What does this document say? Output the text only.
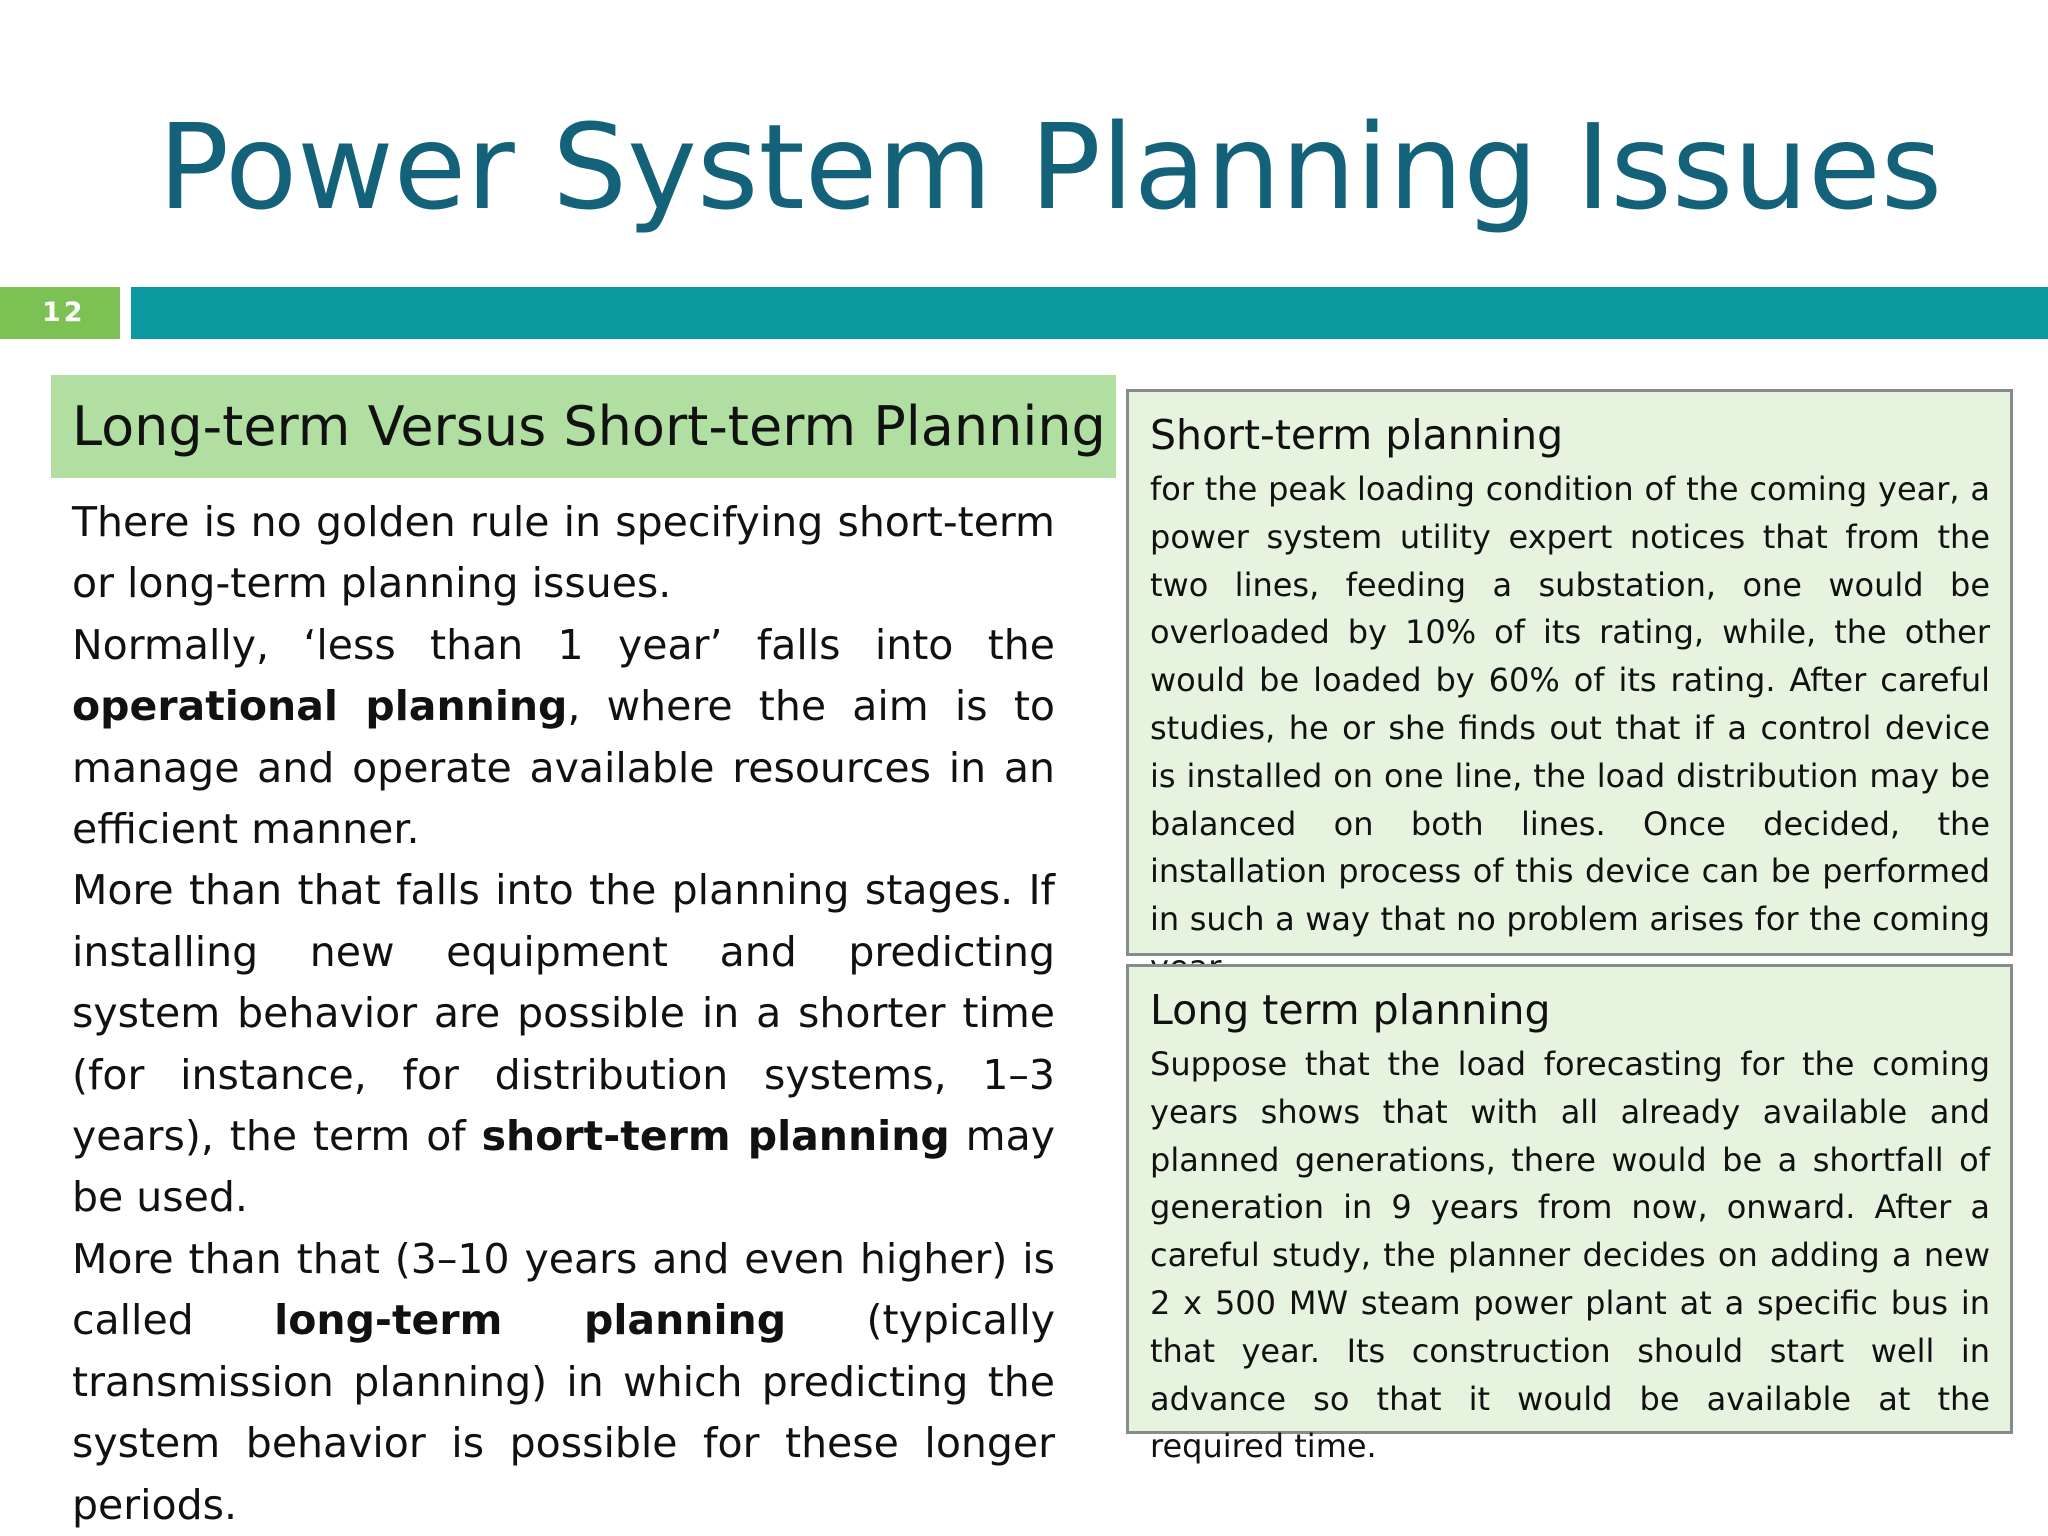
Power System Planning Issues
12
Long-term Versus Short-term Planning

There is no golden rule in specifying short-term or long-term planning issues.

Normally, ‘less than 1 year’ falls into the operational planning, where the aim is to manage and operate available resources in an efficient manner.

More than that falls into the planning stages. If installing new equipment and predicting system behavior are possible in a shorter time (for instance, for distribution systems, 1–3 years), the term of short-term planning may be used.

More than that (3–10 years and even higher) is called long-term planning (typically transmission planning) in which predicting the system behavior is possible for these longer periods.

Short-term planning

for the peak loading condition of the coming year, a power system utility expert notices that from the two lines, feeding a substation, one would be overloaded by 10% of its rating, while, the other would be loaded by 60% of its rating. After careful studies, he or she finds out that if a control device is installed on one line, the load distribution may be balanced on both lines. Once decided, the installation process of this device can be performed in such a way that no problem arises for the coming

Long term planning

Suppose that the load forecasting for the coming years shows that with all already available and planned generations, there would be a shortfall of generation in 9 years from now, onward. After a careful study, the planner decides on adding a new 2 x 500 MW steam power plant at a specific bus in that year. Its construction should start well in advance so that it would be available at the required time.
